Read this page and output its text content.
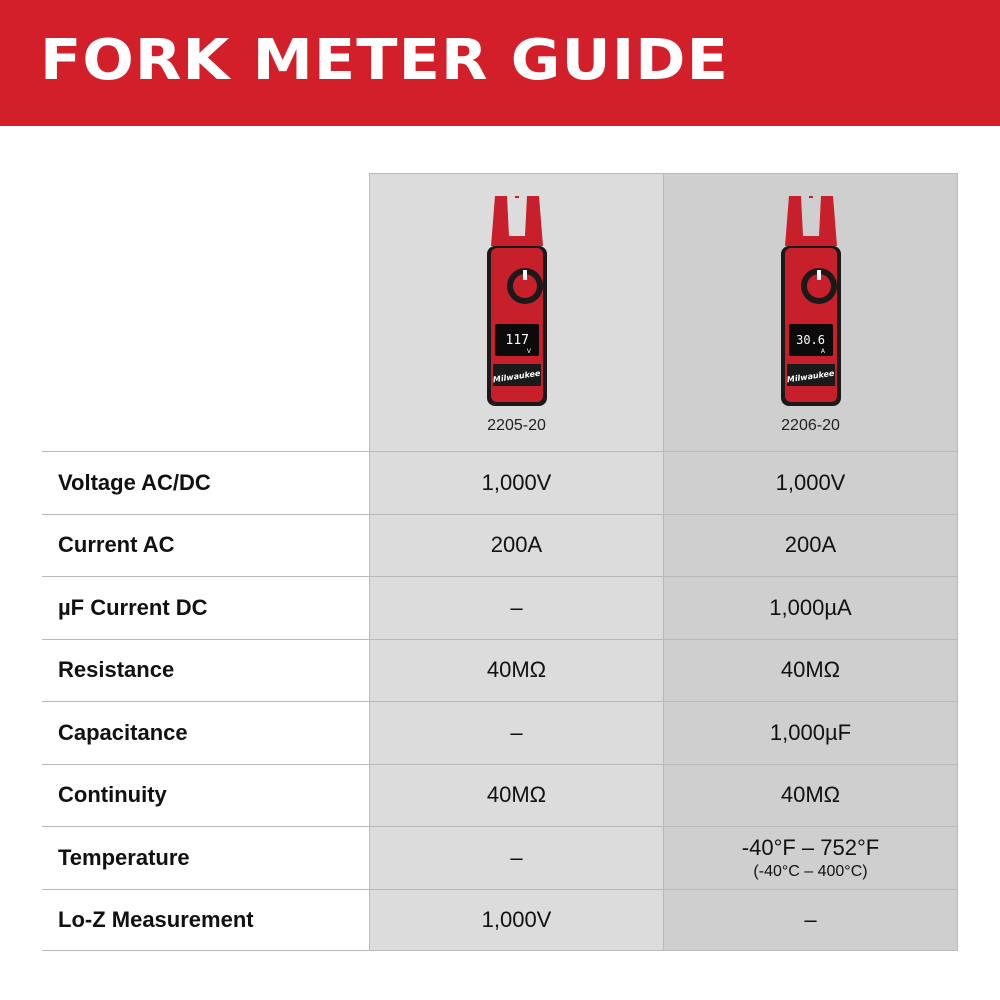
FORK METER GUIDE
117
V
Milwaukee
2205-20
30.6
A
Milwaukee
2206-20
Voltage AC/DC	1,000V	1,000V
Current AC	200A	200A
µF Current DC	–	1,000µA
Resistance	40MΩ	40MΩ
Capacitance	–	1,000µF
Continuity	40MΩ	40MΩ
Temperature	–	-40°F – 752°F
(-40°C – 400°C)
Lo-Z Measurement	1,000V	–
